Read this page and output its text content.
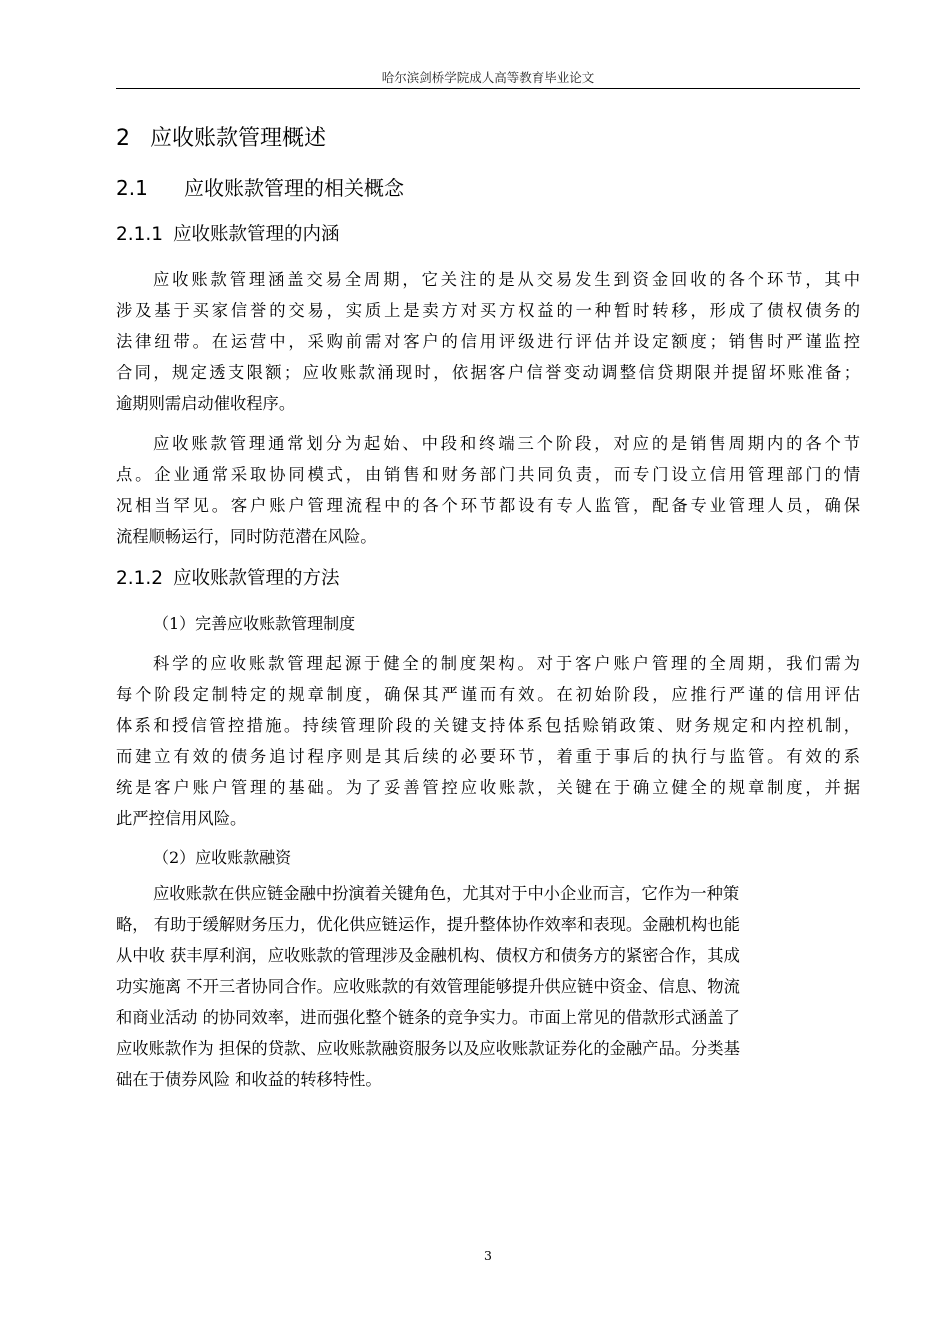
哈尔滨剑桥学院成人高等教育毕业论文
2 应收账款管理概述
2.1 应收账款管理的相关概念
2.1.1 应收账款管理的内涵
应收账款管理涵盖交易全周期，它关注的是从交易发生到资金回收的各个环节，其中
涉及基于买家信誉的交易，实质上是卖方对买方权益的一种暂时转移，形成了债权债务的
法律纽带。在运营中，采购前需对客户的信用评级进行评估并设定额度；销售时严谨监控
合同，规定透支限额；应收账款涌现时，依据客户信誉变动调整信贷期限并提留坏账准备；
逾期则需启动催收程序。
应收账款管理通常划分为起始、中段和终端三个阶段，对应的是销售周期内的各个节
点。企业通常采取协同模式，由销售和财务部门共同负责，而专门设立信用管理部门的情
况相当罕见。客户账户管理流程中的各个环节都设有专人监管，配备专业管理人员，确保
流程顺畅运行，同时防范潜在风险。
2.1.2 应收账款管理的方法
（1）完善应收账款管理制度
科学的应收账款管理起源于健全的制度架构。对于客户账户管理的全周期，我们需为
每个阶段定制特定的规章制度，确保其严谨而有效。在初始阶段，应推行严谨的信用评估
体系和授信管控措施。持续管理阶段的关键支持体系包括赊销政策、财务规定和内控机制，
而建立有效的债务追讨程序则是其后续的必要环节，着重于事后的执行与监管。有效的系
统是客户账户管理的基础。为了妥善管控应收账款，关键在于确立健全的规章制度，并据
此严控信用风险。
（2）应收账款融资
应收账款在供应链金融中扮演着关键角色，尤其对于中小企业而言，它作为一种策
略， 有助于缓解财务压力，优化供应链运作，提升整体协作效率和表现。金融机构也能
从中收 获丰厚利润，应收账款的管理涉及金融机构、债权方和债务方的紧密合作，其成
功实施离 不开三者协同合作。应收账款的有效管理能够提升供应链中资金、信息、物流
和商业活动 的协同效率，进而强化整个链条的竞争实力。市面上常见的借款形式涵盖了
应收账款作为 担保的贷款、应收账款融资服务以及应收账款证券化的金融产品。分类基
础在于债券风险 和收益的转移特性。
3
